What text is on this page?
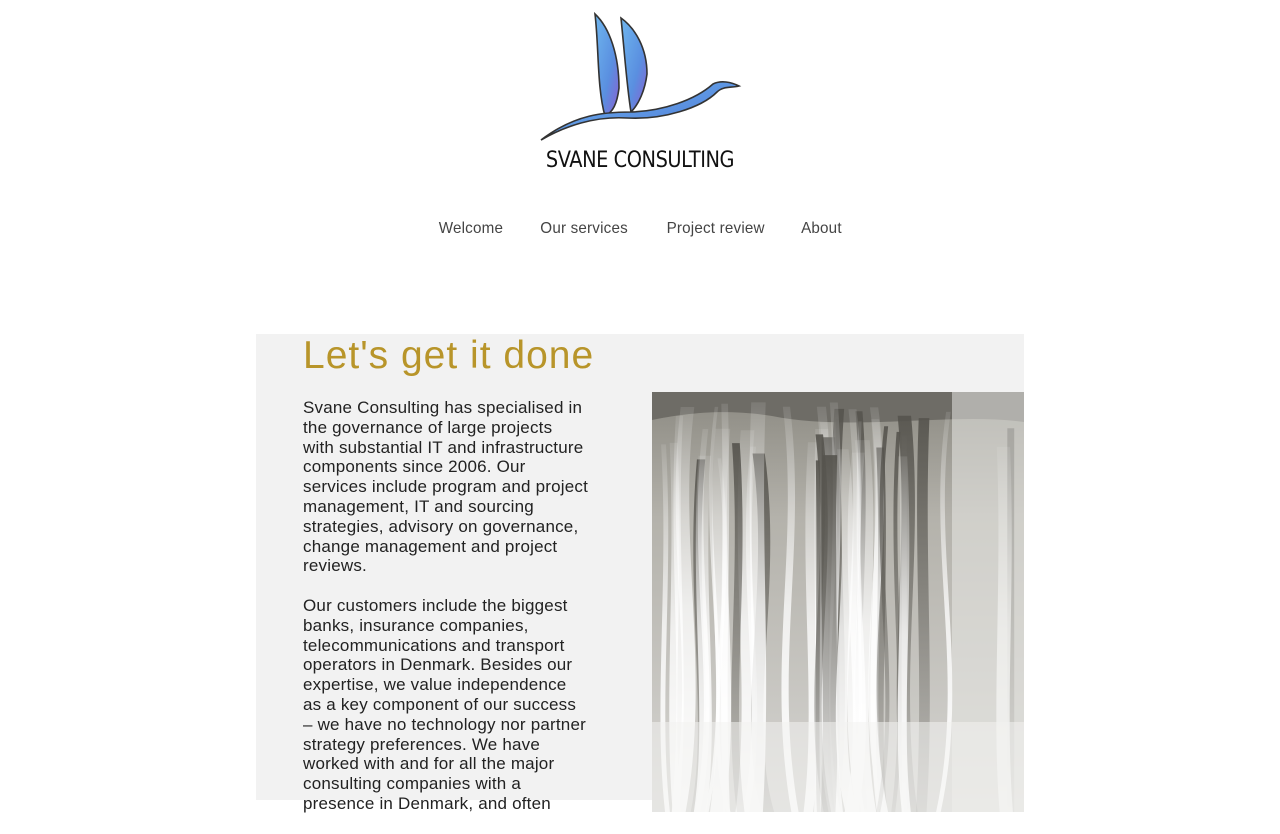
SVANE CONSULTING
Welcome Our services Project review About
Let's get it done

Svane Consulting has specialised in the governance of large projects with substantial IT and infrastructure components since 2006. Our services include program and project management, IT and sourcing strategies, advisory on governance, change management and project reviews.

Our customers include the biggest banks, insurance companies, telecommunications and transport operators in Denmark. Besides our expertise, we value independence as a key component of our success – we have no technology nor partner strategy preferences. We have worked with and for all the major consulting companies with a presence in Denmark, and often
